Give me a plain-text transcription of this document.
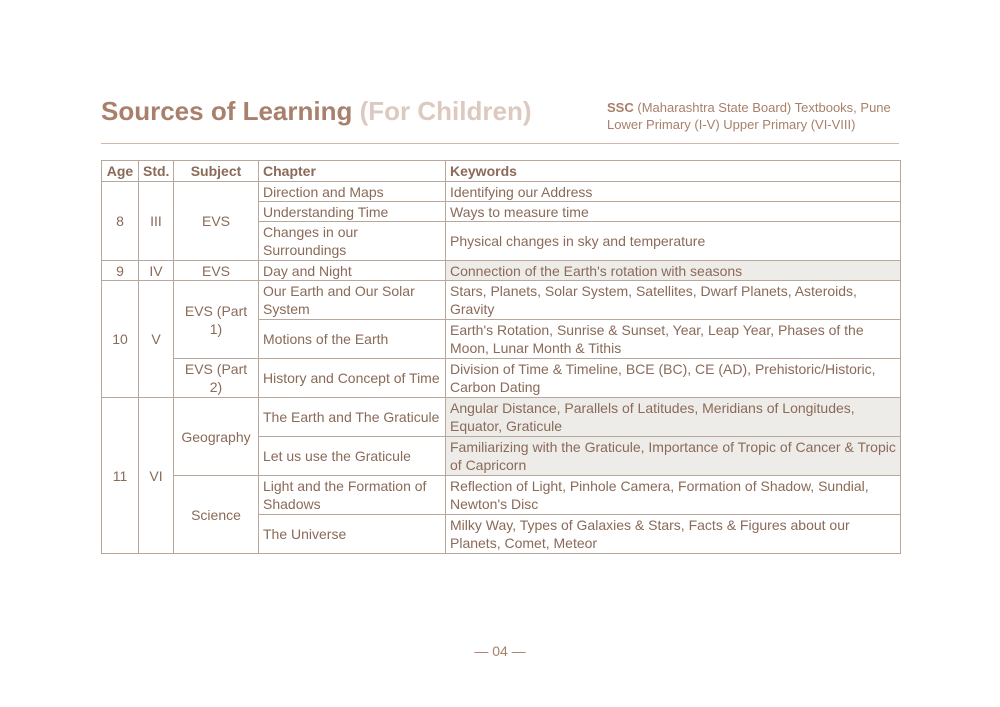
Sources of Learning (For Children)	SSC (Maharashtra State Board) Textbooks, Pune
Lower Primary (I-V) Upper Primary (VI-VIII)
Age	Std.	Subject	Chapter	Keywords
8	III	EVS	Direction and Maps	Identifying our Address
			Understanding Time	Ways to measure time
			Changes in our Surroundings	Physical changes in sky and temperature
9	IV	EVS	Day and Night	Connection of the Earth's rotation with seasons
10	V	EVS (Part 1)	Our Earth and Our Solar System	Stars, Planets, Solar System, Satellites, Dwarf Planets, Asteroids, Gravity
			Motions of the Earth	Earth's Rotation, Sunrise & Sunset, Year, Leap Year, Phases of the Moon, Lunar Month & Tithis
		EVS (Part 2)	History and Concept of Time	Division of Time & Timeline, BCE (BC), CE (AD), Prehistoric/Historic, Carbon Dating
11	VI	Geography	The Earth and The Graticule	Angular Distance, Parallels of Latitudes, Meridians of Longitudes, Equator, Graticule
			Let us use the Graticule	Familiarizing with the Graticule, Importance of Tropic of Cancer & Tropic of Capricorn
		Science	Light and the Formation of Shadows	Reflection of Light, Pinhole Camera, Formation of Shadow, Sundial, Newton's Disc
			The Universe	Milky Way, Types of Galaxies & Stars, Facts & Figures about our Planets, Comet, Meteor
— 04 —
